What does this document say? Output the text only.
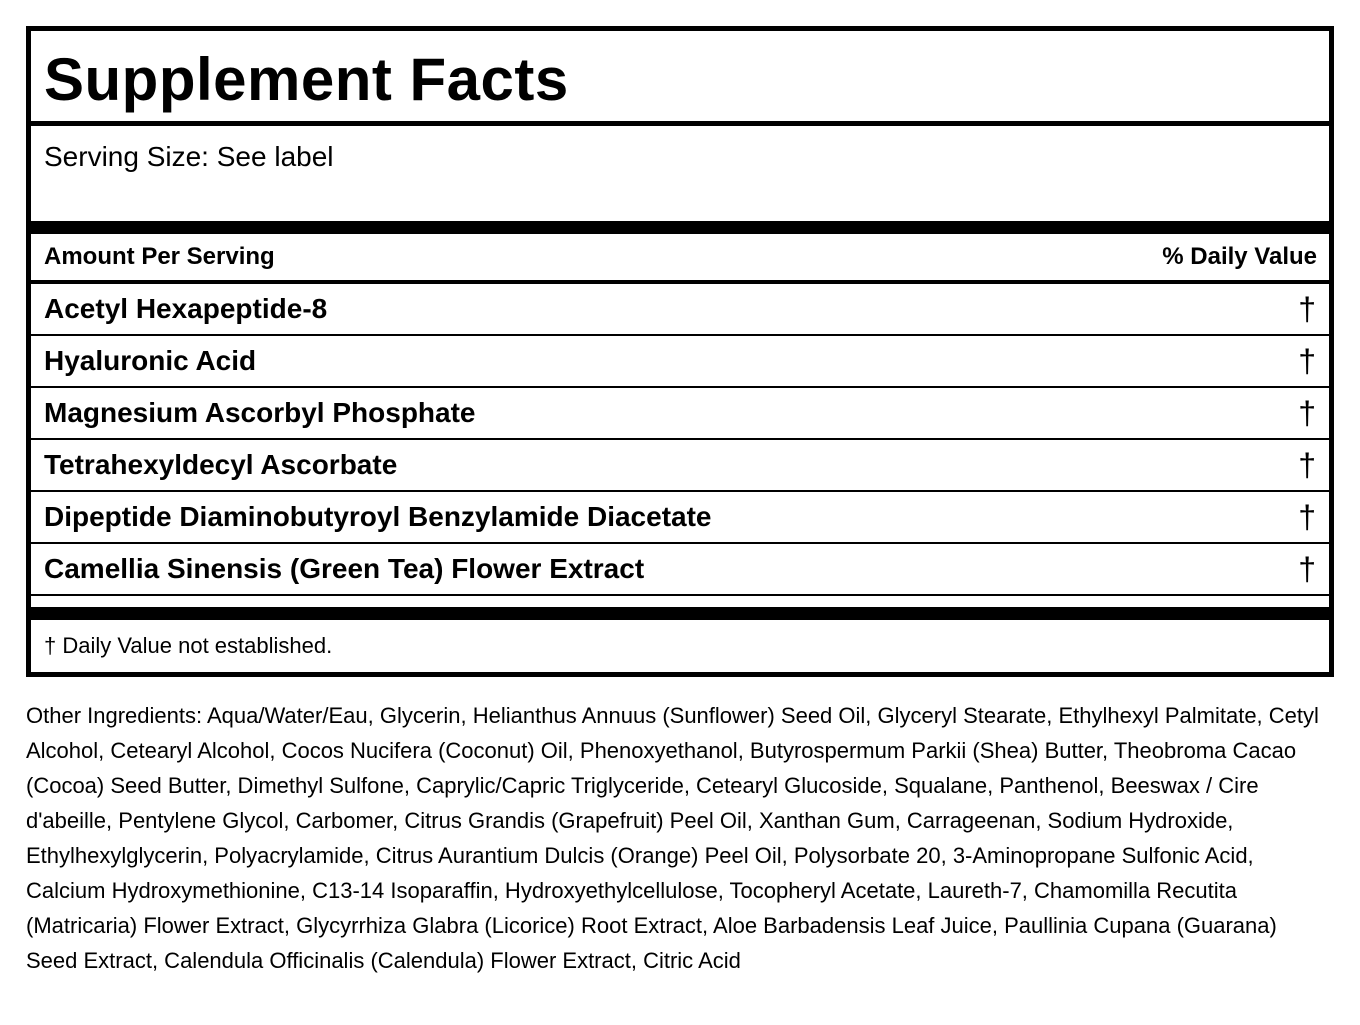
Supplement Facts
Serving Size: See label
Amount Per Serving	% Daily Value
Acetyl Hexapeptide-8	†
Hyaluronic Acid	†
Magnesium Ascorbyl Phosphate	†
Tetrahexyldecyl Ascorbate	†
Dipeptide Diaminobutyroyl Benzylamide Diacetate	†
Camellia Sinensis (Green Tea) Flower Extract	†
† Daily Value not established.
Other Ingredients: Aqua/Water/Eau, Glycerin, Helianthus Annuus (Sunflower) Seed Oil, Glyceryl Stearate, Ethylhexyl Palmitate, Cetyl Alcohol, Cetearyl Alcohol, Cocos Nucifera (Coconut) Oil, Phenoxyethanol, Butyrospermum Parkii (Shea) Butter, Theobroma Cacao (Cocoa) Seed Butter, Dimethyl Sulfone, Caprylic/Capric Triglyceride, Cetearyl Glucoside, Squalane, Panthenol, Beeswax / Cire d'abeille, Pentylene Glycol, Carbomer, Citrus Grandis (Grapefruit) Peel Oil, Xanthan Gum, Carrageenan, Sodium Hydroxide, Ethylhexylglycerin, Polyacrylamide, Citrus Aurantium Dulcis (Orange) Peel Oil, Polysorbate 20, 3-Aminopropane Sulfonic Acid, Calcium Hydroxymethionine, C13-14 Isoparaffin, Hydroxyethylcellulose, Tocopheryl Acetate, Laureth-7, Chamomilla Recutita (Matricaria) Flower Extract, Glycyrrhiza Glabra (Licorice) Root Extract, Aloe Barbadensis Leaf Juice, Paullinia Cupana (Guarana) Seed Extract, Calendula Officinalis (Calendula) Flower Extract, Citric Acid
